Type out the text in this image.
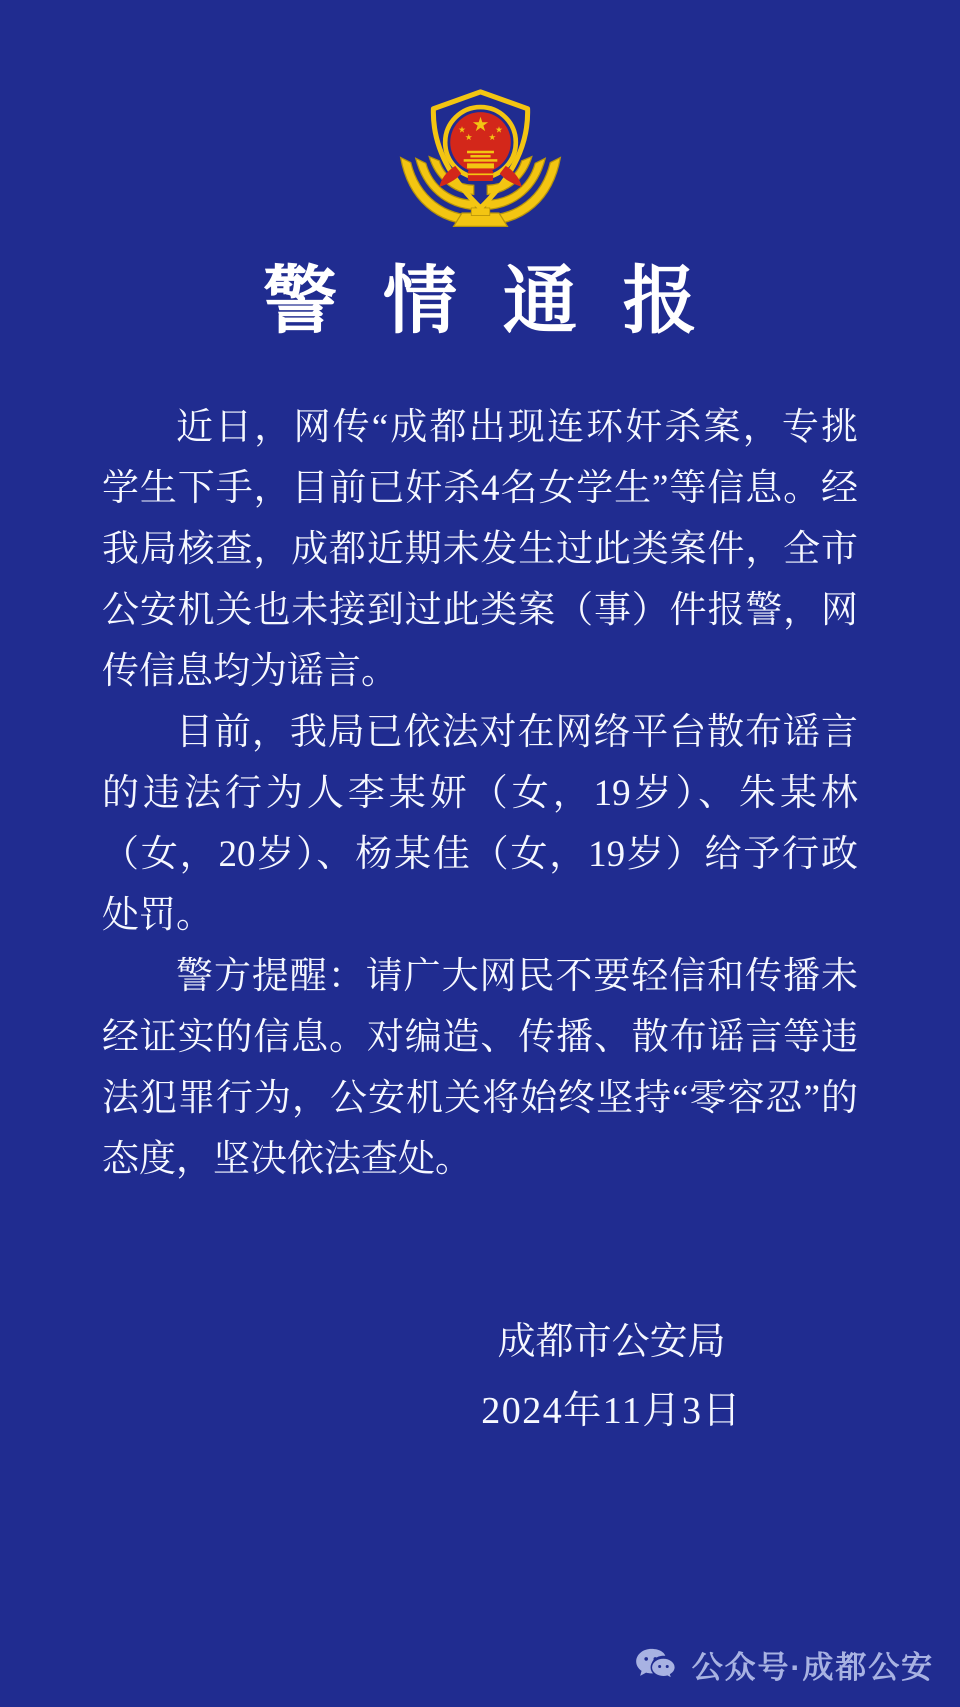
警情通报

近日，网传“成都出现连环奸杀案，专挑学生下手，目前已奸杀4名女学生”等信息。经我局核查，成都近期未发生过此类案件，全市公安机关也未接到过此类案（事）件报警，网传信息均为谣言。

目前，我局已依法对在网络平台散布谣言的违法行为人李某妍（女，19岁）、朱某林（女，20岁）、杨某佳（女，19岁）给予行政处罚。

警方提醒：请广大网民不要轻信和传播未经证实的信息。对编造、传播、散布谣言等违法犯罪行为，公安机关将始终坚持“零容忍”的态度，坚决依法查处。

成都市公安局
2024年11月3日
公众号·成都公安
